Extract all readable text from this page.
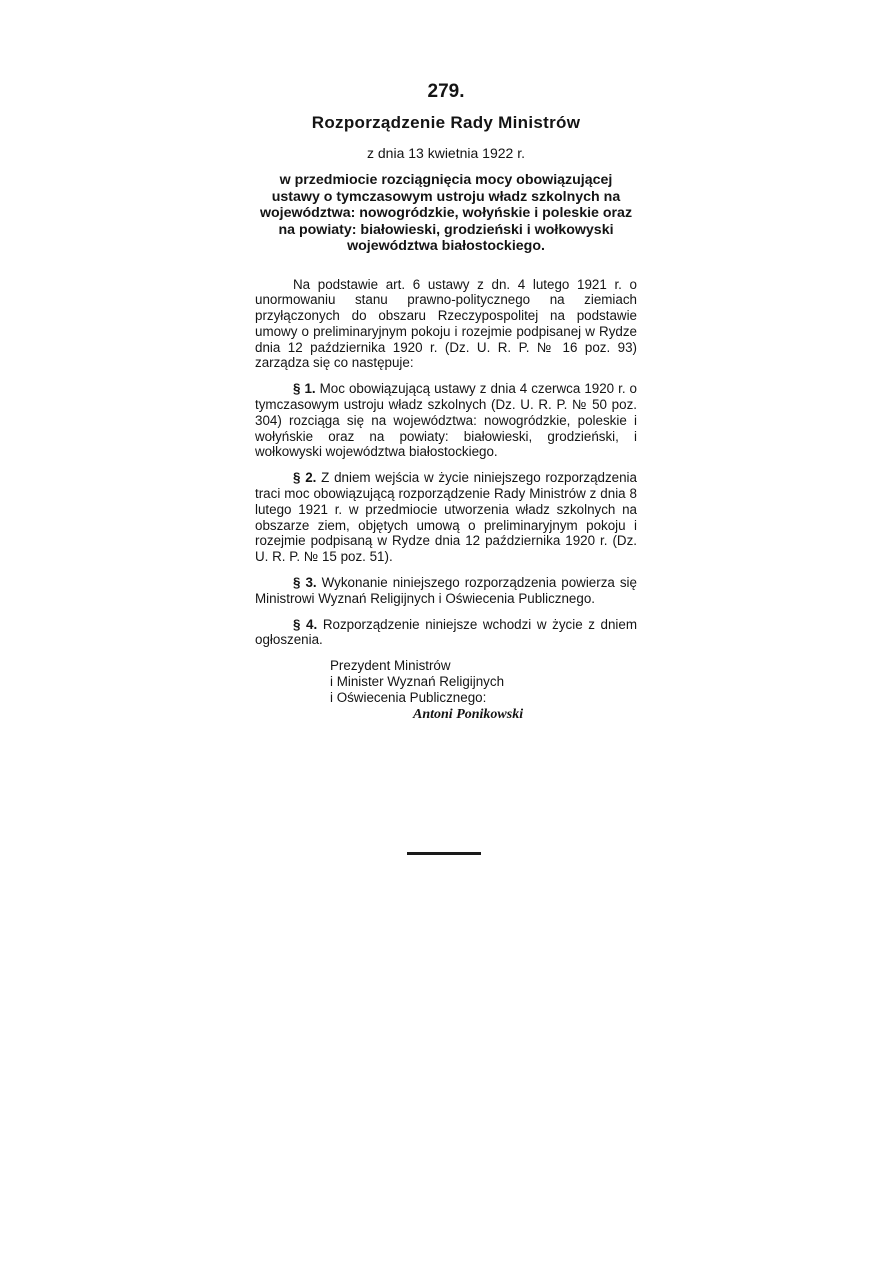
279.
Rozporządzenie Rady Ministrów
z dnia 13 kwietnia 1922 r.
w przedmiocie rozciągnięcia mocy obowiązującej ustawy o tymczasowym ustroju władz szkolnych na województwa: nowogródzkie, wołyńskie i poleskie oraz na powiaty: białowieski, grodzieński i wołkowyski województwa białostockiego.

Na podstawie art. 6 ustawy z dn. 4 lutego 1921 r. o unormowaniu stanu prawno-politycznego na ziemiach przyłączonych do obszaru Rzeczypospolitej na podstawie umowy o preliminaryjnym pokoju i rozejmie podpisanej w Rydze dnia 12 października 1920 r. (Dz. U. R. P. № 16 poz. 93) zarządza się co następuje:

§ 1. Moc obowiązującą ustawy z dnia 4 czerwca 1920 r. o tymczasowym ustroju władz szkolnych (Dz. U. R. P. № 50 poz. 304) rozciąga się na województwa: nowogródzkie, poleskie i wołyńskie oraz na powiaty: białowieski, grodzieński, i wołkowyski województwa białostockiego.

§ 2. Z dniem wejścia w życie niniejszego rozporządzenia traci moc obowiązującą rozporządzenie Rady Ministrów z dnia 8 lutego 1921 r. w przedmiocie utworzenia władz szkolnych na obszarze ziem, objętych umową o preliminaryjnym pokoju i rozejmie podpisaną w Rydze dnia 12 października 1920 r. (Dz. U. R. P. № 15 poz. 51).

§ 3. Wykonanie niniejszego rozporządzenia powierza się Ministrowi Wyznań Religijnych i Oświecenia Publicznego.

§ 4. Rozporządzenie niniejsze wchodzi w życie z dniem ogłoszenia.

Prezydent Ministrów
i Minister Wyznań Religijnych
i Oświecenia Publicznego:
Antoni Ponikowski
